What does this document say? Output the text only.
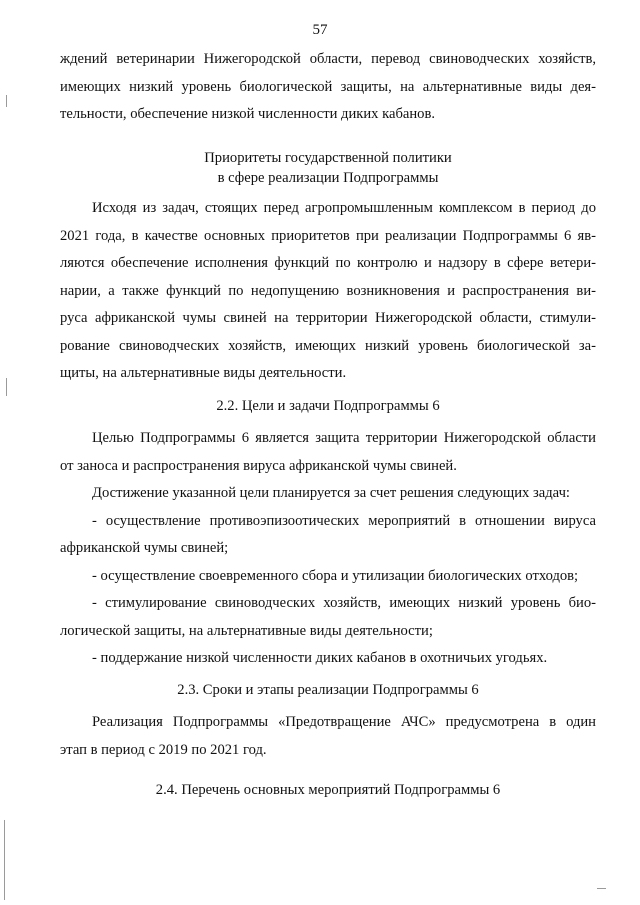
57
ждений ветеринарии Нижегородской области, перевод свиноводческих хозяйств,
имеющих низкий уровень биологической защиты, на альтернативные виды дея-
тельности, обеспечение низкой численности диких кабанов.
Приоритеты государственной политики
в сфере реализации Подпрограммы
Исходя из задач, стоящих перед агропромышленным комплексом в период до
2021 года, в качестве основных приоритетов при реализации Подпрограммы 6 яв-
ляются обеспечение исполнения функций по контролю и надзору в сфере ветери-
нарии, а также функций по недопущению возникновения и распространения ви-
руса африканской чумы свиней на территории Нижегородской области, стимули-
рование свиноводческих хозяйств, имеющих низкий уровень биологической за-
щиты, на альтернативные виды деятельности.
2.2. Цели и задачи Подпрограммы 6
Целью Подпрограммы 6 является защита территории Нижегородской области
от заноса и распространения вируса африканской чумы свиней.
Достижение указанной цели планируется за счет решения следующих задач:
- осуществление противоэпизоотических мероприятий в отношении вируса
африканской чумы свиней;
- осуществление своевременного сбора и утилизации биологических отходов;
- стимулирование свиноводческих хозяйств, имеющих низкий уровень био-
логической защиты, на альтернативные виды деятельности;
- поддержание низкой численности диких кабанов в охотничьих угодьях.
2.3. Сроки и этапы реализации Подпрограммы 6
Реализация Подпрограммы «Предотвращение АЧС» предусмотрена в один
этап в период с 2019 по 2021 год.
2.4. Перечень основных мероприятий Подпрограммы 6
